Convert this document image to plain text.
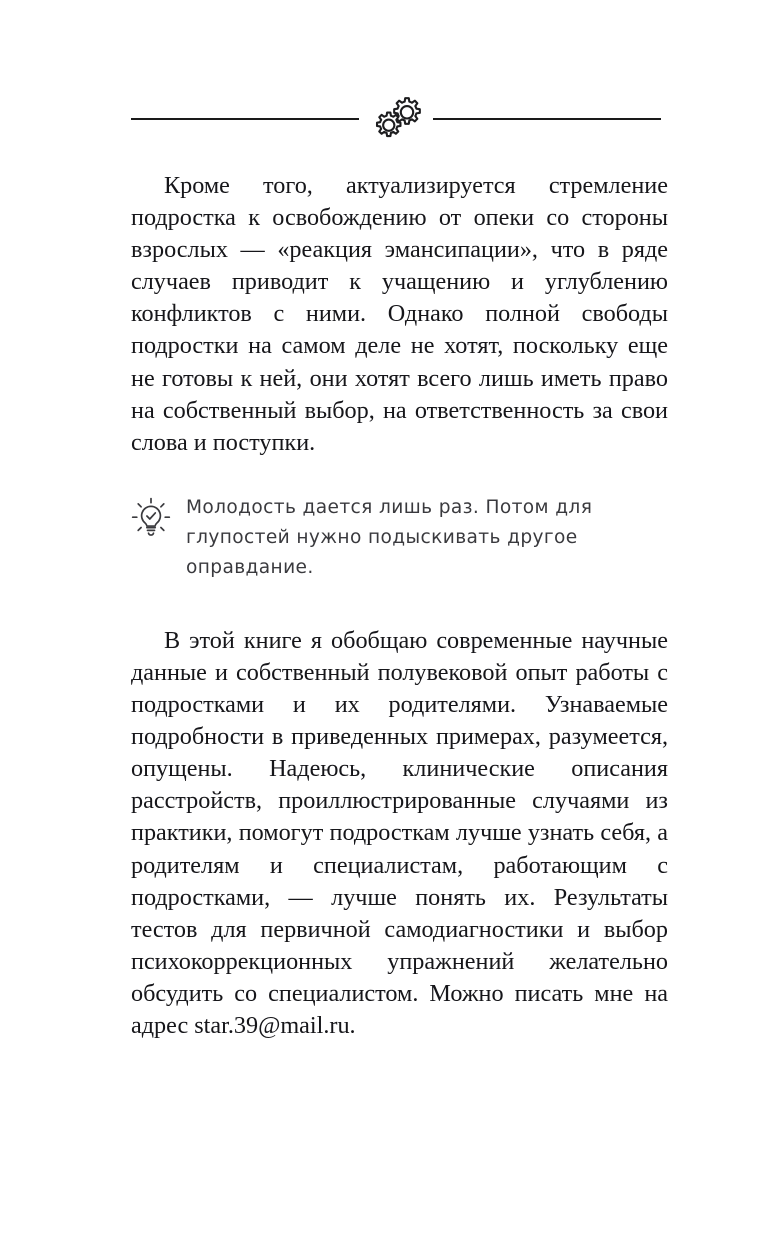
Кроме того, актуализируется стремление подростка к освобождению от опеки со стороны взрослых — «реакция эмансипации», что в ряде случаев приводит к учащению и углублению конфликтов с ними. Однако полной свободы подростки на самом деле не хотят, поскольку еще не готовы к ней, они хотят всего лишь иметь право на собственный выбор, на ответственность за свои слова и поступки.

Молодость дается лишь раз. Потом для глупостей нужно подыскивать другое оправдание.

В этой книге я обобщаю современные научные данные и собственный полувековой опыт работы с подростками и их родителями. Узнаваемые подробности в приведенных примерах, разумеется, опущены. Надеюсь, клинические описания расстройств, проиллюстрированные случаями из практики, помогут подросткам лучше узнать себя, а родителям и специалистам, работающим с подростками, — лучше понять их. Результаты тестов для первичной самодиагностики и выбор психокоррекционных упражнений желательно обсудить со специалистом. Можно писать мне на адрес star.39@mail.ru.
